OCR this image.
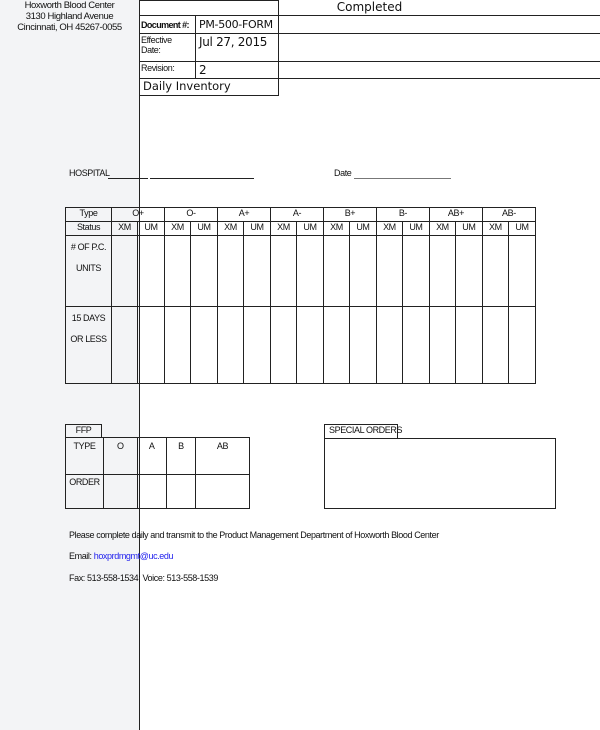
Hoxworth Blood Center
3130 Highland Avenue
Cincinnati, OH 45267-0055
Completed
Document #: PM-500-FORM
Effective Date:
Jul 27, 2015
Revision:	2
Daily Inventory
HOSPITAL	Date
Type	O+		O-		A+		A-		B+		B-		AB+		AB-	
Status	XM	UM	XM	UM	XM	UM	XM	UM	XM	UM	XM	UM	XM	UM	XM	UM

# OF P.C.
UNITS																

15 DAYS
OR LESS																

FFP
TYPE	O	A	B	AB
ORDER				
SPECIAL ORDERS
Please complete daily and transmit to the Product Management Department of Hoxworth Blood Center
Email: hoxprdmgmt@uc.edu
Fax: 513-558-1534; Voice: 513-558-1539
